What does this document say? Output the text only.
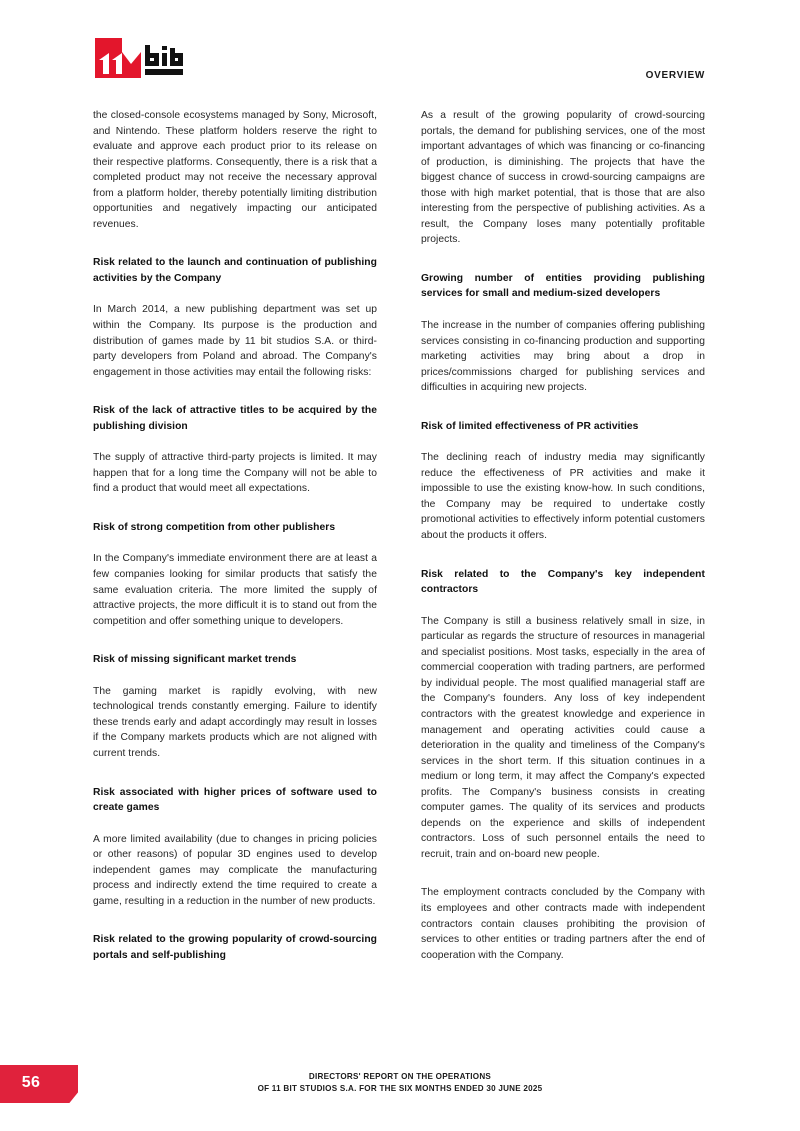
OVERVIEW

the closed-console ecosystems managed by Sony, Microsoft, and Nintendo. These platform holders reserve the right to evaluate and approve each product prior to its release on their respective platforms. Consequently, there is a risk that a completed product may not receive the necessary approval from a platform holder, thereby potentially limiting distribution opportunities and negatively impacting our anticipated revenues.

Risk related to the launch and continuation of publishing activities by the Company

In March 2014, a new publishing department was set up within the Company. Its purpose is the production and distribution of games made by 11 bit studios S.A. or third-party developers from Poland and abroad. The Company's engagement in those activities may entail the following risks:

Risk of the lack of attractive titles to be acquired by the publishing division

The supply of attractive third-party projects is limited. It may happen that for a long time the Company will not be able to find a product that would meet all expectations.

Risk of strong competition from other publishers

In the Company's immediate environment there are at least a few companies looking for similar products that satisfy the same evaluation criteria. The more limited the supply of attractive projects, the more difficult it is to stand out from the competition and offer something unique to developers.

Risk of missing significant market trends

The gaming market is rapidly evolving, with new technological trends constantly emerging. Failure to identify these trends early and adapt accordingly may result in losses if the Company markets products which are not aligned with current trends.

Risk associated with higher prices of software used to create games

A more limited availability (due to changes in pricing policies or other reasons) of popular 3D engines used to develop independent games may complicate the manufacturing process and indirectly extend the time required to create a game, resulting in a reduction in the number of new products.

Risk related to the growing popularity of crowd-sourcing portals and self-publishing

As a result of the growing popularity of crowd-sourcing portals, the demand for publishing services, one of the most important advantages of which was financing or co-financing of production, is diminishing. The projects that have the biggest chance of success in crowd-sourcing campaigns are those with high market potential, that is those that are also interesting from the perspective of publishing activities. As a result, the Company loses many potentially profitable projects.

Growing number of entities providing publishing services for small and medium-sized developers

The increase in the number of companies offering publishing services consisting in co-financing production and supporting marketing activities may bring about a drop in prices/commissions charged for publishing services and difficulties in acquiring new projects.

Risk of limited effectiveness of PR activities

The declining reach of industry media may significantly reduce the effectiveness of PR activities and make it impossible to use the existing know-how. In such conditions, the Company may be required to undertake costly promotional activities to effectively inform potential customers about the products it offers.

Risk related to the Company's key independent contractors

The Company is still a business relatively small in size, in particular as regards the structure of resources in managerial and specialist positions. Most tasks, especially in the area of commercial cooperation with trading partners, are performed by individual people. The most qualified managerial staff are the Company's founders. Any loss of key independent contractors with the greatest knowledge and experience in management and operating activities could cause a deterioration in the quality and timeliness of the Company's services in the short term. If this situation continues in a medium or long term, it may affect the Company's expected profits. The Company's business consists in creating computer games. The quality of its services and products depends on the experience and skills of independent contractors. Loss of such personnel entails the need to recruit, train and on-board new people.

The employment contracts concluded by the Company with its employees and other contracts made with independent contractors contain clauses prohibiting the provision of services to other entities or trading partners after the end of cooperation with the Company.

56	DIRECTORS' REPORT ON THE OPERATIONS
OF 11 BIT STUDIOS S.A. FOR THE SIX MONTHS ENDED 30 JUNE 2025
